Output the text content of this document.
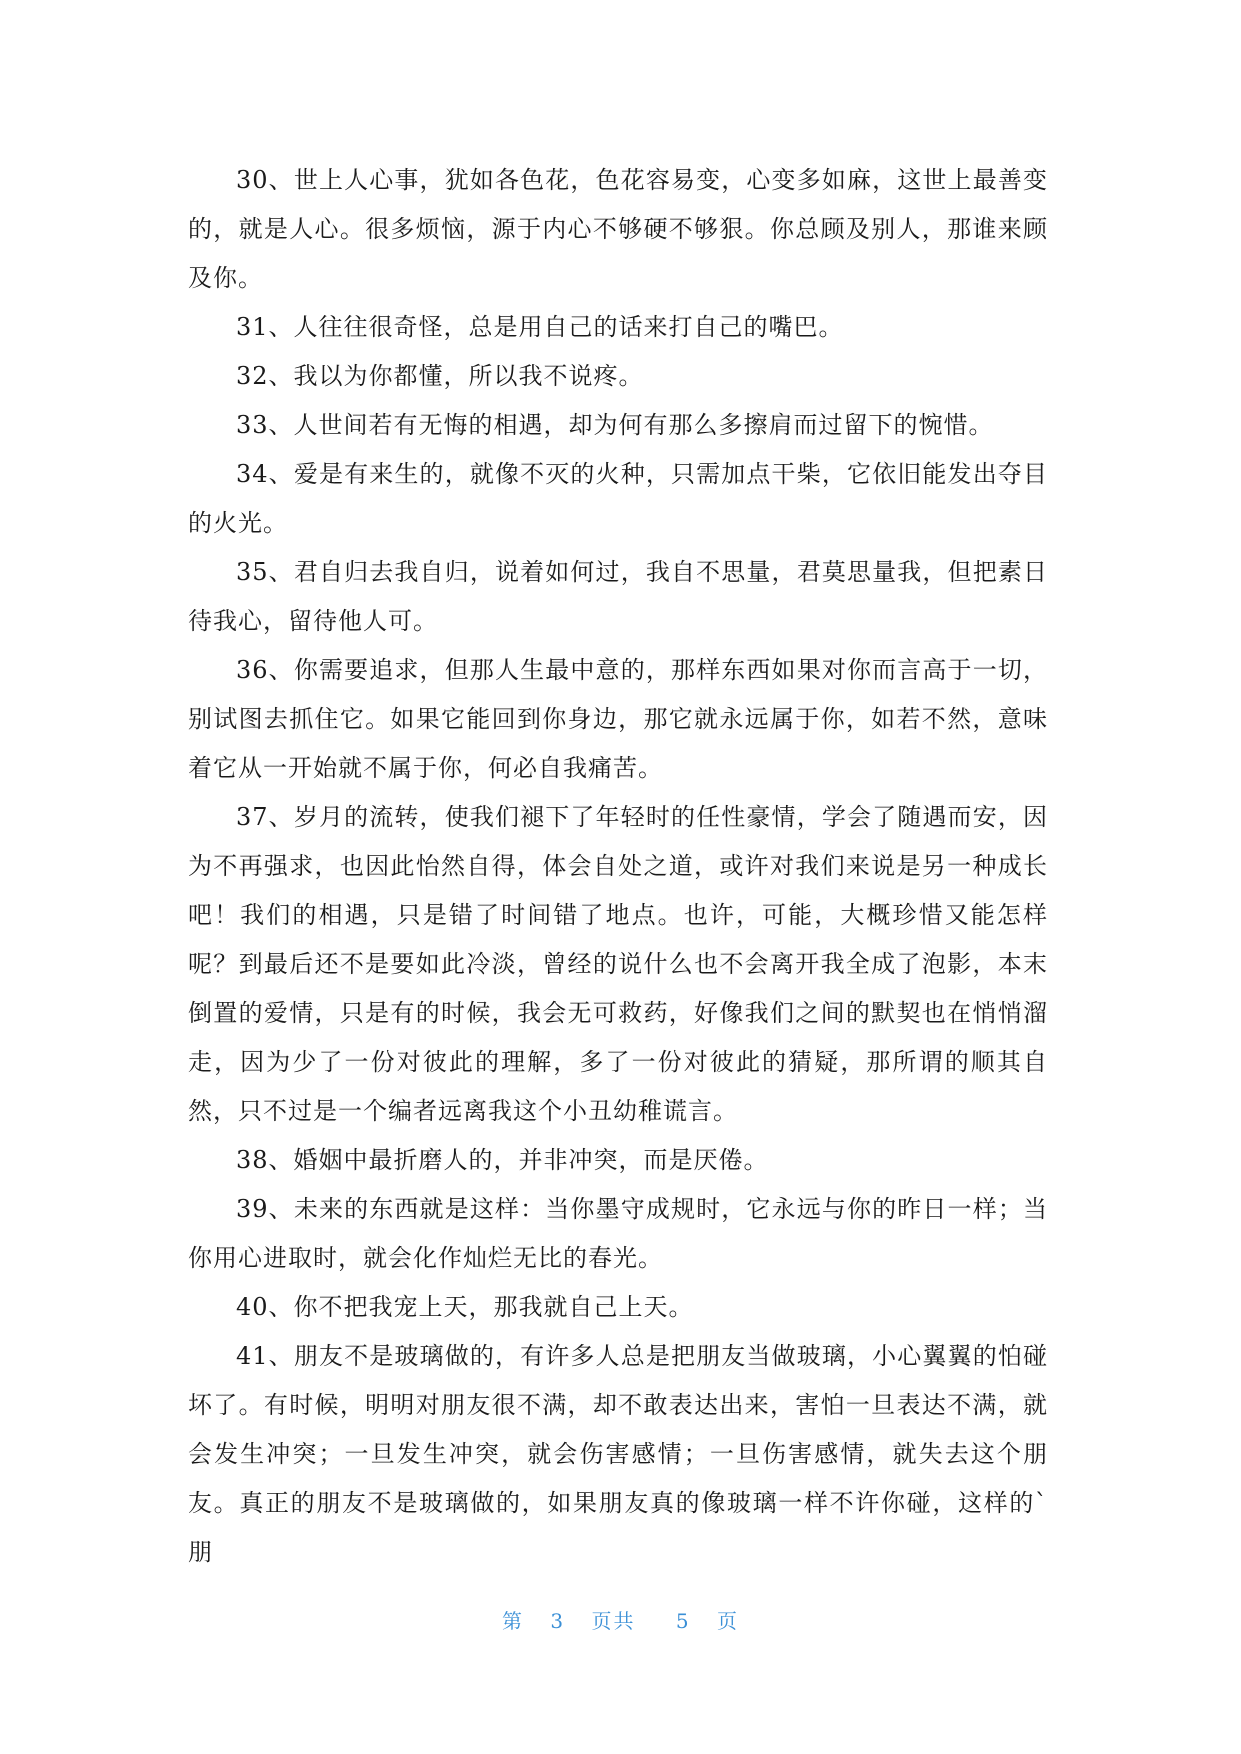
30、世上人心事，犹如各色花，色花容易变，心变多如麻，这世上最善变的，就是人心。很多烦恼，源于内心不够硬不够狠。你总顾及别人，那谁来顾及你。

31、人往往很奇怪，总是用自己的话来打自己的嘴巴。

32、我以为你都懂，所以我不说疼。

33、人世间若有无悔的相遇，却为何有那么多擦肩而过留下的惋惜。

34、爱是有来生的，就像不灭的火种，只需加点干柴，它依旧能发出夺目的火光。

35、君自归去我自归，说着如何过，我自不思量，君莫思量我，但把素日待我心，留待他人可。

36、你需要追求，但那人生最中意的，那样东西如果对你而言高于一切，别试图去抓住它。如果它能回到你身边，那它就永远属于你，如若不然，意味着它从一开始就不属于你，何必自我痛苦。

37、岁月的流转，使我们褪下了年轻时的任性豪情，学会了随遇而安，因为不再强求，也因此怡然自得，体会自处之道，或许对我们来说是另一种成长吧！我们的相遇，只是错了时间错了地点。也许，可能，大概珍惜又能怎样呢？到最后还不是要如此冷淡，曾经的说什么也不会离开我全成了泡影，本末倒置的爱情，只是有的时候，我会无可救药，好像我们之间的默契也在悄悄溜走，因为少了一份对彼此的理解，多了一份对彼此的猜疑，那所谓的顺其自然，只不过是一个编者远离我这个小丑幼稚谎言。

38、婚姻中最折磨人的，并非冲突，而是厌倦。

39、未来的东西就是这样：当你墨守成规时，它永远与你的昨日一样；当你用心进取时，就会化作灿烂无比的春光。

40、你不把我宠上天，那我就自己上天。

41、朋友不是玻璃做的，有许多人总是把朋友当做玻璃，小心翼翼的怕碰坏了。有时候，明明对朋友很不满，却不敢表达出来，害怕一旦表达不满，就会发生冲突；一旦发生冲突，就会伤害感情；一旦伤害感情，就失去这个朋友。真正的朋友不是玻璃做的，如果朋友真的像玻璃一样不许你碰，这样的`朋

第 3 页共 5 页
